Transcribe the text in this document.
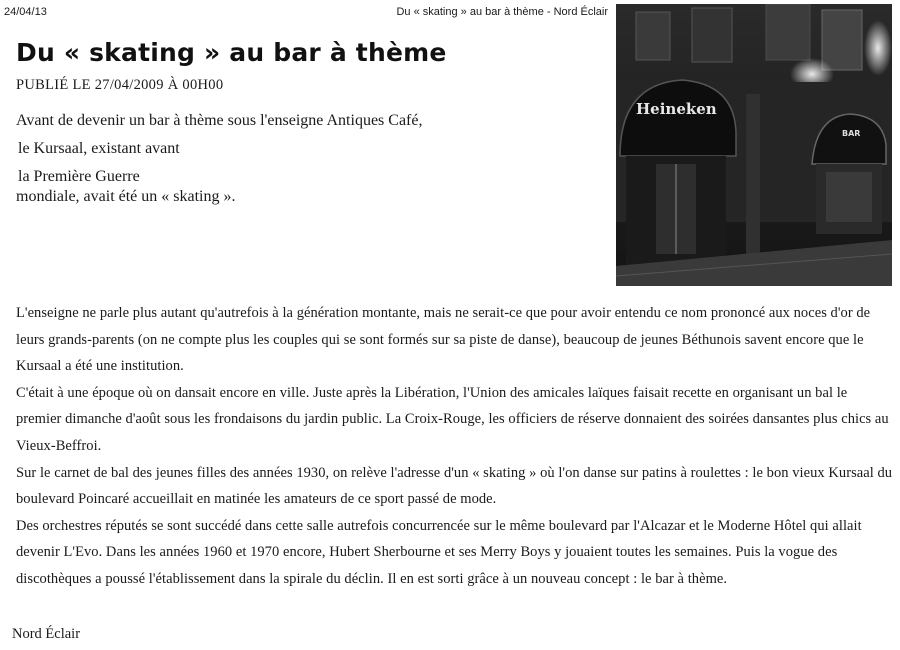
24/04/13	Du « skating » au bar à thème - Nord Éclair
Du « skating » au bar à thème
PUBLIÉ LE 27/04/2009 À 00H00
Avant de devenir un bar à thème sous l'enseigne Antiques Café,
le Kursaal, existant avant
la Première Guerre
mondiale, avait été un « skating ».
Heineken
BAR

L'enseigne ne parle plus autant qu'autrefois à la génération montante, mais ne serait-ce que pour avoir entendu ce nom prononcé aux noces d'or de leurs grands-parents (on ne compte plus les couples qui se sont formés sur sa piste de danse), beaucoup de jeunes Béthunois savent encore que le Kursaal a été une institution.

C'était à une époque où on dansait encore en ville. Juste après la Libération, l'Union des amicales laïques faisait recette en organisant un bal le premier dimanche d'août sous les frondaisons du jardin public. La Croix-Rouge, les officiers de réserve donnaient des soirées dansantes plus chics au Vieux-Beffroi.

Sur le carnet de bal des jeunes filles des années 1930, on relève l'adresse d'un « skating » où l'on danse sur patins à roulettes : le bon vieux Kursaal du boulevard Poincaré accueillait en matinée les amateurs de ce sport passé de mode.

Des orchestres réputés se sont succédé dans cette salle autrefois concurrencée sur le même boulevard par l'Alcazar et le Moderne Hôtel qui allait devenir L'Evo. Dans les années 1960 et 1970 encore, Hubert Sherbourne et ses Merry Boys y jouaient toutes les semaines. Puis la vogue des discothèques a poussé l'établissement dans la spirale du déclin. Il en est sorti grâce à un nouveau concept : le bar à thème.

Nord Éclair
